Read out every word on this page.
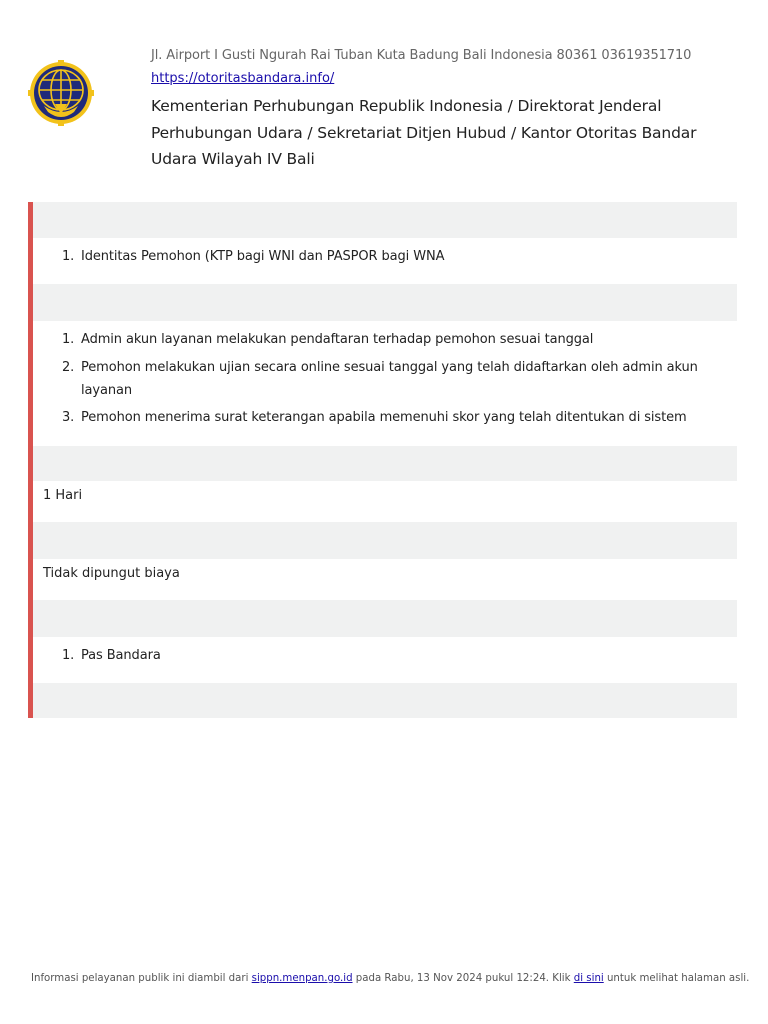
Jl. Airport I Gusti Ngurah Rai Tuban Kuta Badung Bali Indonesia 80361 03619351710
https://otoritasbandara.info/
Kementerian Perhubungan Republik Indonesia / Direktorat Jenderal Perhubungan Udara / Sekretariat Ditjen Hubud / Kantor Otoritas Bandar Udara Wilayah IV Bali
1. Identitas Pemohon (KTP bagi WNI dan PASPOR bagi WNA
1. Admin akun layanan melakukan pendaftaran terhadap pemohon sesuai tanggal
2. Pemohon melakukan ujian secara online sesuai tanggal yang telah didaftarkan oleh admin akun layanan
3. Pemohon menerima surat keterangan apabila memenuhi skor yang telah ditentukan di sistem
1 Hari
Tidak dipungut biaya
1. Pas Bandara
Informasi pelayanan publik ini diambil dari sippn.menpan.go.id pada Rabu, 13 Nov 2024 pukul 12:24. Klik di sini untuk melihat halaman asli.
